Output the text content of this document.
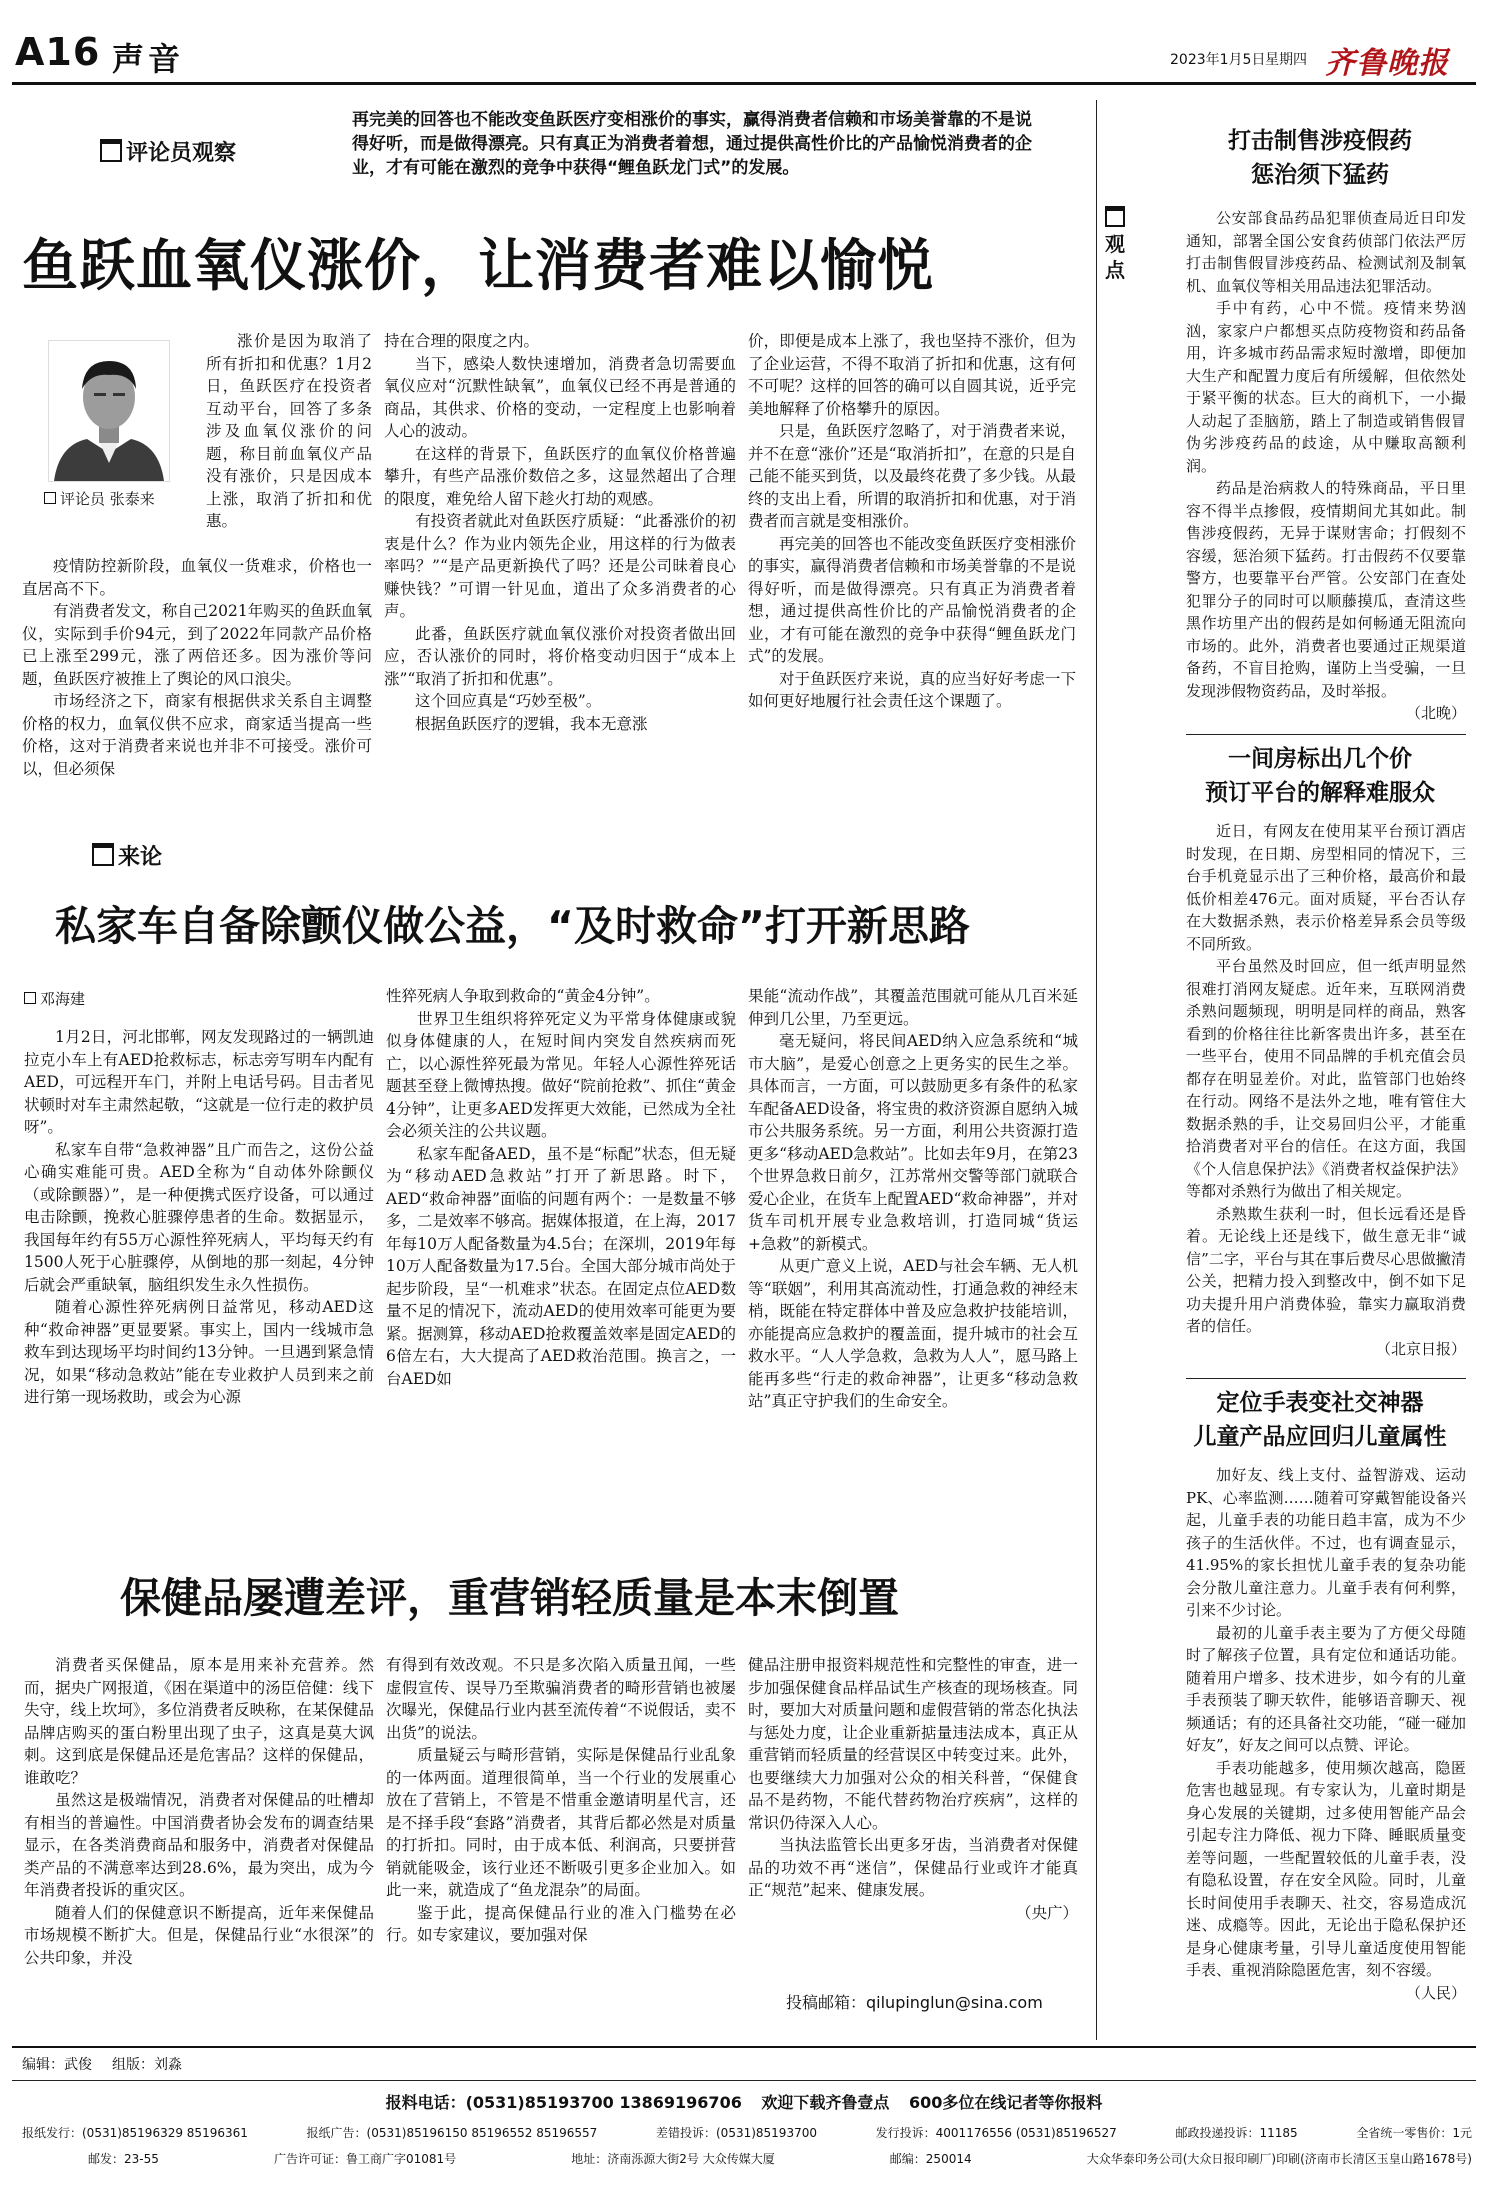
A16 声音	2023年1月5日 星期四 齐鲁晚报
评论员观察
再完美的回答也不能改变鱼跃医疗变相涨价的事实，赢得消费者信赖和市场美誉靠的不是说得好听，而是做得漂亮。只有真正为消费者着想，通过提供高性价比的产品愉悦消费者的企业，才有可能在激烈的竞争中获得“鲤鱼跃龙门式”的发展。
鱼跃血氧仪涨价，让消费者难以愉悦
评论员 张泰来

涨价是因为取消了所有折扣和优惠？1月2日，鱼跃医疗在投资者互动平台，回答了多条涉及血氧仪涨价的问题，称目前血氧仪产品没有涨价，只是因成本上涨，取消了折扣和优惠。

疫情防控新阶段，血氧仪一货难求，价格也一直居高不下。

有消费者发文，称自己2021年购买的鱼跃血氧仪，实际到手价94元，到了2022年同款产品价格已上涨至299元，涨了两倍还多。因为涨价等问题，鱼跃医疗被推上了舆论的风口浪尖。

市场经济之下，商家有根据供求关系自主调整价格的权力，血氧仪供不应求，商家适当提高一些价格，这对于消费者来说也并非不可接受。涨价可以，但必须保

持在合理的限度之内。

当下，感染人数快速增加，消费者急切需要血氧仪应对“沉默性缺氧”，血氧仪已经不再是普通的商品，其供求、价格的变动，一定程度上也影响着人心的波动。

在这样的背景下，鱼跃医疗的血氧仪价格普遍攀升，有些产品涨价数倍之多，这显然超出了合理的限度，难免给人留下趁火打劫的观感。

有投资者就此对鱼跃医疗质疑：“此番涨价的初衷是什么？作为业内领先企业，用这样的行为做表率吗？”“是产品更新换代了吗？还是公司昧着良心赚快钱？”可谓一针见血，道出了众多消费者的心声。

此番，鱼跃医疗就血氧仪涨价对投资者做出回应，否认涨价的同时，将价格变动归因于“成本上涨”“取消了折扣和优惠”。

这个回应真是“巧妙至极”。

根据鱼跃医疗的逻辑，我本无意涨

价，即便是成本上涨了，我也坚持不涨价，但为了企业运营，不得不取消了折扣和优惠，这有何不可呢？这样的回答的确可以自圆其说，近乎完美地解释了价格攀升的原因。

只是，鱼跃医疗忽略了，对于消费者来说，并不在意“涨价”还是“取消折扣”，在意的只是自己能不能买到货，以及最终花费了多少钱。从最终的支出上看，所谓的取消折扣和优惠，对于消费者而言就是变相涨价。

再完美的回答也不能改变鱼跃医疗变相涨价的事实，赢得消费者信赖和市场美誉靠的不是说得好听，而是做得漂亮。只有真正为消费者着想，通过提供高性价比的产品愉悦消费者的企业，才有可能在激烈的竞争中获得“鲤鱼跃龙门式”的发展。

对于鱼跃医疗来说，真的应当好好考虑一下如何更好地履行社会责任这个课题了。

来论
私家车自备除颤仪做公益，“及时救命”打开新思路
邓海建

1月2日，河北邯郸，网友发现路过的一辆凯迪拉克小车上有AED抢救标志，标志旁写明车内配有AED，可远程开车门，并附上电话号码。目击者见状顿时对车主肃然起敬，“这就是一位行走的救护员呀”。

私家车自带“急救神器”且广而告之，这份公益心确实难能可贵。AED全称为“自动体外除颤仪（或除颤器）”，是一种便携式医疗设备，可以通过电击除颤，挽救心脏骤停患者的生命。数据显示，我国每年约有55万心源性猝死病人，平均每天约有1500人死于心脏骤停，从倒地的那一刻起，4分钟后就会严重缺氧，脑组织发生永久性损伤。

随着心源性猝死病例日益常见，移动AED这种“救命神器”更显要紧。事实上，国内一线城市急救车到达现场平均时间约13分钟。一旦遇到紧急情况，如果“移动急救站”能在专业救护人员到来之前进行第一现场救助，或会为心源

性猝死病人争取到救命的“黄金4分钟”。

世界卫生组织将猝死定义为平常身体健康或貌似身体健康的人，在短时间内突发自然疾病而死亡，以心源性猝死最为常见。年轻人心源性猝死话题甚至登上微博热搜。做好“院前抢救”、抓住“黄金4分钟”，让更多AED发挥更大效能，已然成为全社会必须关注的公共议题。

私家车配备AED，虽不是“标配”状态，但无疑为“移动AED急救站”打开了新思路。时下，AED“救命神器”面临的问题有两个：一是数量不够多，二是效率不够高。据媒体报道，在上海，2017年每10万人配备数量为4.5台；在深圳，2019年每10万人配备数量为17.5台。全国大部分城市尚处于起步阶段，呈“一机难求”状态。在固定点位AED数量不足的情况下，流动AED的使用效率可能更为要紧。据测算，移动AED抢救覆盖效率是固定AED的6倍左右，大大提高了AED救治范围。换言之，一台AED如

果能“流动作战”，其覆盖范围就可能从几百米延伸到几公里，乃至更远。

毫无疑问，将民间AED纳入应急系统和“城市大脑”，是爱心创意之上更务实的民生之举。具体而言，一方面，可以鼓励更多有条件的私家车配备AED设备，将宝贵的救济资源自愿纳入城市公共服务系统。另一方面，利用公共资源打造更多“移动AED急救站”。比如去年9月，在第23个世界急救日前夕，江苏常州交警等部门就联合爱心企业，在货车上配置AED“救命神器”，并对货车司机开展专业急救培训，打造同城“货运+急救”的新模式。

从更广意义上说，AED与社会车辆、无人机等“联姻”，利用其高流动性，打通急救的神经末梢，既能在特定群体中普及应急救护技能培训，亦能提高应急救护的覆盖面，提升城市的社会互救水平。“人人学急救，急救为人人”，愿马路上能再多些“行走的救命神器”，让更多“移动急救站”真正守护我们的生命安全。

保健品屡遭差评，重营销轻质量是本末倒置

消费者买保健品，原本是用来补充营养。然而，据央广网报道，《困在渠道中的汤臣倍健：线下失守，线上坎坷》，多位消费者反映称，在某保健品品牌店购买的蛋白粉里出现了虫子，这真是莫大讽刺。这到底是保健品还是危害品？这样的保健品，谁敢吃？

虽然这是极端情况，消费者对保健品的吐槽却有相当的普遍性。中国消费者协会发布的调查结果显示，在各类消费商品和服务中，消费者对保健品类产品的不满意率达到28.6%，最为突出，成为今年消费者投诉的重灾区。

随着人们的保健意识不断提高，近年来保健品市场规模不断扩大。但是，保健品行业“水很深”的公共印象，并没

有得到有效改观。不只是多次陷入质量丑闻，一些虚假宣传、误导乃至欺骗消费者的畸形营销也被屡次曝光，保健品行业内甚至流传着“不说假话，卖不出货”的说法。

质量疑云与畸形营销，实际是保健品行业乱象的一体两面。道理很简单，当一个行业的发展重心放在了营销上，不管是不惜重金邀请明星代言，还是不择手段“套路”消费者，其背后都必然是对质量的打折扣。同时，由于成本低、利润高，只要拼营销就能吸金，该行业还不断吸引更多企业加入。如此一来，就造成了“鱼龙混杂”的局面。

鉴于此，提高保健品行业的准入门槛势在必行。如专家建议，要加强对保

健品注册申报资料规范性和完整性的审查，进一步加强保健食品样品试生产核查的现场核查。同时，要加大对质量问题和虚假营销的常态化执法与惩处力度，让企业重新掂量违法成本，真正从重营销而轻质量的经营误区中转变过来。此外，也要继续大力加强对公众的相关科普，“保健食品不是药物，不能代替药物治疗疾病”，这样的常识仍待深入人心。

当执法监管长出更多牙齿，当消费者对保健品的功效不再“迷信”，保健品行业或许才能真正“规范”起来、健康发展。

（央广）
投稿邮箱：qilupinglun@sina.com
观点
打击制售涉疫假药
惩治须下猛药

公安部食品药品犯罪侦查局近日印发通知，部署全国公安食药侦部门依法严厉打击制售假冒涉疫药品、检测试剂及制氧机、血氧仪等相关用品违法犯罪活动。

手中有药，心中不慌。疫情来势汹汹，家家户户都想买点防疫物资和药品备用，许多城市药品需求短时激增，即便加大生产和配置力度后有所缓解，但依然处于紧平衡的状态。巨大的商机下，一小撮人动起了歪脑筋，踏上了制造或销售假冒伪劣涉疫药品的歧途，从中赚取高额利润。

药品是治病救人的特殊商品，平日里容不得半点掺假，疫情期间尤其如此。制售涉疫假药，无异于谋财害命；打假刻不容缓，惩治须下猛药。打击假药不仅要靠警方，也要靠平台严管。公安部门在查处犯罪分子的同时可以顺藤摸瓜，查清这些黑作坊里产出的假药是如何畅通无阻流向市场的。此外，消费者也要通过正规渠道备药，不盲目抢购，谨防上当受骗，一旦发现涉假物资药品，及时举报。

（北晚）
一间房标出几个价
预订平台的解释难服众

近日，有网友在使用某平台预订酒店时发现，在日期、房型相同的情况下，三台手机竟显示出了三种价格，最高价和最低价相差476元。面对质疑，平台否认存在大数据杀熟，表示价格差异系会员等级不同所致。

平台虽然及时回应，但一纸声明显然很难打消网友疑虑。近年来，互联网消费杀熟问题频现，明明是同样的商品，熟客看到的价格往往比新客贵出许多，甚至在一些平台，使用不同品牌的手机充值会员都存在明显差价。对此，监管部门也始终在行动。网络不是法外之地，唯有管住大数据杀熟的手，让交易回归公平，才能重拾消费者对平台的信任。在这方面，我国《个人信息保护法》《消费者权益保护法》等都对杀熟行为做出了相关规定。

杀熟欺生获利一时，但长远看还是昏着。无论线上还是线下，做生意无非“诚信”二字，平台与其在事后费尽心思做撇清公关，把精力投入到整改中，倒不如下足功夫提升用户消费体验，靠实力赢取消费者的信任。

（北京日报）
定位手表变社交神器
儿童产品应回归儿童属性

加好友、线上支付、益智游戏、运动PK、心率监测……随着可穿戴智能设备兴起，儿童手表的功能日趋丰富，成为不少孩子的生活伙伴。不过，也有调查显示，41.95%的家长担忧儿童手表的复杂功能会分散儿童注意力。儿童手表有何利弊，引来不少讨论。

最初的儿童手表主要为了方便父母随时了解孩子位置，具有定位和通话功能。随着用户增多、技术进步，如今有的儿童手表预装了聊天软件，能够语音聊天、视频通话；有的还具备社交功能，“碰一碰加好友”，好友之间可以点赞、评论。

手表功能越多，使用频次越高，隐匿危害也越显现。有专家认为，儿童时期是身心发展的关键期，过多使用智能产品会引起专注力降低、视力下降、睡眠质量变差等问题，一些配置较低的儿童手表，没有隐私设置，存在安全风险。同时，儿童长时间使用手表聊天、社交，容易造成沉迷、成瘾等。因此，无论出于隐私保护还是身心健康考量，引导儿童适度使用智能手表、重视消除隐匿危害，刻不容缓。

（人民）
编辑：武俊 组版：刘淼
报料电话：(0531)85193700 13869196706 欢迎下载齐鲁壹点 600多位在线记者等你报料
报纸发行：(0531)85196329 85196361	报纸广告：(0531)85196150 85196552 85196557	差错投诉：(0531)85193700	发行投诉：4001176556 (0531)85196527	邮政投递投诉：11185	全省统一零售价：1元
邮发：23-55	广告许可证：鲁工商广字01081号	地址：济南泺源大街2号 大众传媒大厦	邮编：250014	大众华泰印务公司(大众日报印刷厂)印刷(济南市长清区玉皇山路1678号)
